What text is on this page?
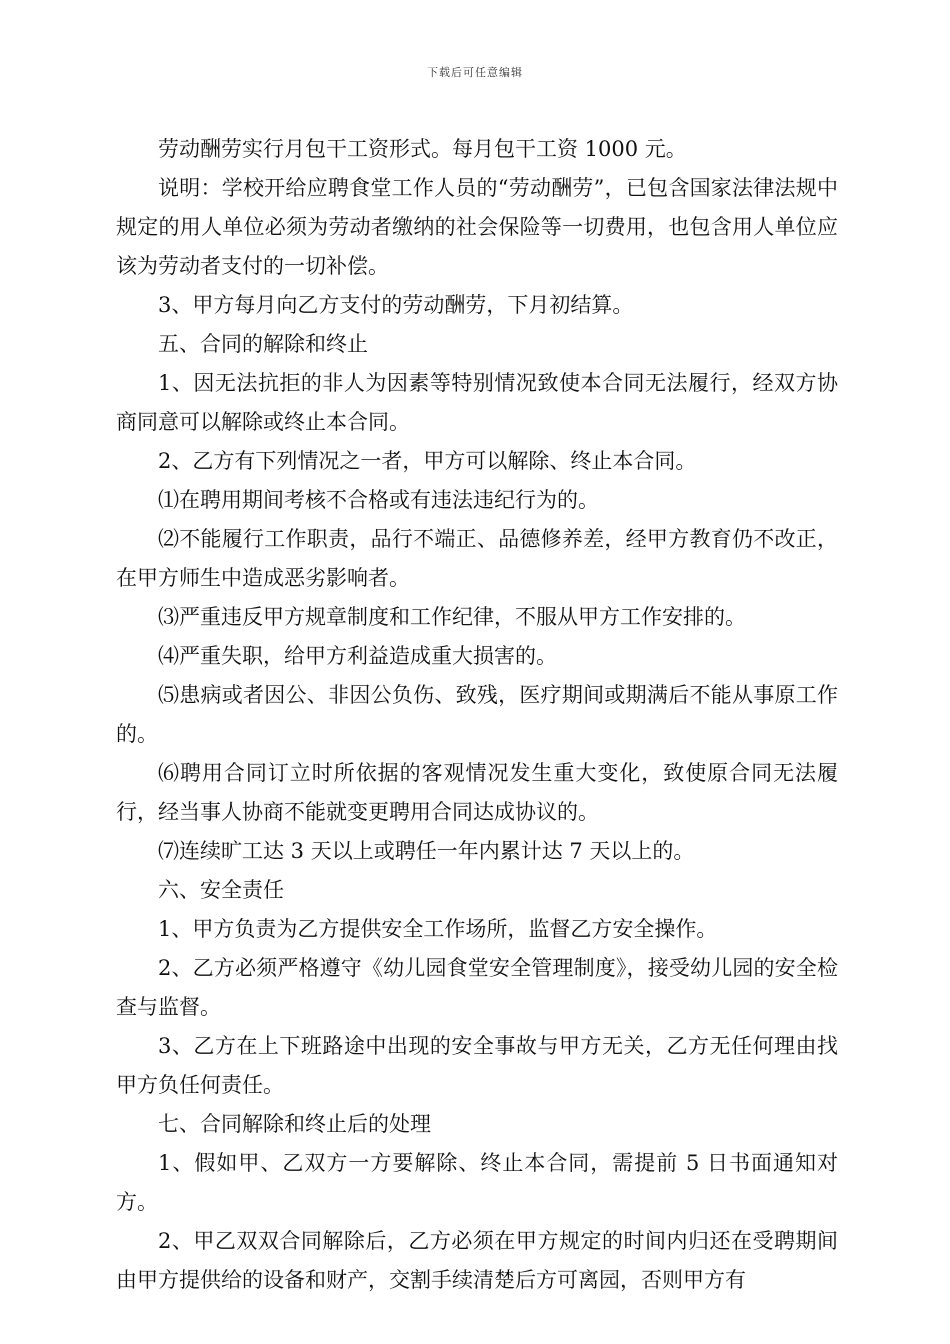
下载后可任意编辑

劳动酬劳实行月包干工资形式。每月包干工资 1000 元。

说明：学校开给应聘食堂工作人员的“劳动酬劳”，已包含国家法律法规中规定的用人单位必须为劳动者缴纳的社会保险等一切费用，也包含用人单位应该为劳动者支付的一切补偿。

3、甲方每月向乙方支付的劳动酬劳，下月初结算。

五、合同的解除和终止

1、因无法抗拒的非人为因素等特别情况致使本合同无法履行，经双方协商同意可以解除或终止本合同。

2、乙方有下列情况之一者，甲方可以解除、终止本合同。

⑴在聘用期间考核不合格或有违法违纪行为的。

⑵不能履行工作职责，品行不端正、品德修养差，经甲方教育仍不改正，在甲方师生中造成恶劣影响者。

⑶严重违反甲方规章制度和工作纪律，不服从甲方工作安排的。

⑷严重失职，给甲方利益造成重大损害的。

⑸患病或者因公、非因公负伤、致残，医疗期间或期满后不能从事原工作的。

⑹聘用合同订立时所依据的客观情况发生重大变化，致使原合同无法履行，经当事人协商不能就变更聘用合同达成协议的。

⑺连续旷工达 3 天以上或聘任一年内累计达 7 天以上的。

六、安全责任

1、甲方负责为乙方提供安全工作场所，监督乙方安全操作。

2、乙方必须严格遵守《幼儿园食堂安全管理制度》，接受幼儿园的安全检查与监督。

3、乙方在上下班路途中出现的安全事故与甲方无关，乙方无任何理由找甲方负任何责任。

七、合同解除和终止后的处理

1、假如甲、乙双方一方要解除、终止本合同，需提前 5 日书面通知对方。

2、甲乙双双合同解除后，乙方必须在甲方规定的时间内归还在受聘期间由甲方提供给的设备和财产，交割手续清楚后方可离园，否则甲方有
